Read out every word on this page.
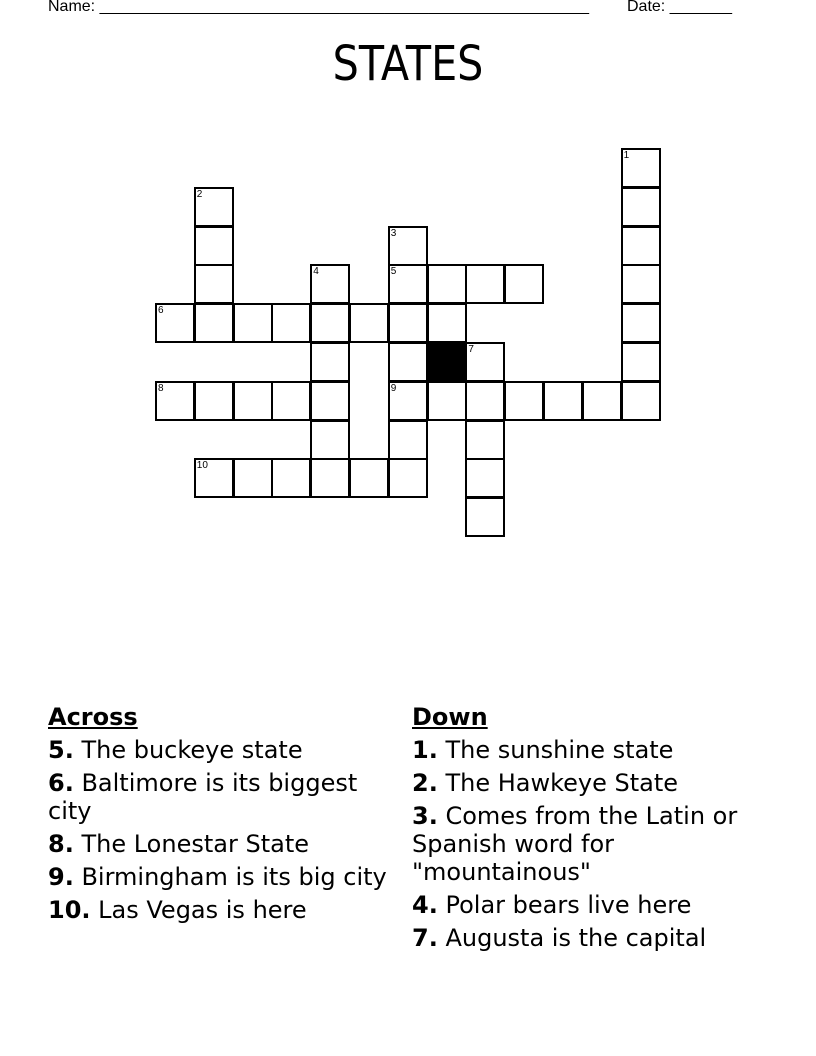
Name: _______________________________________________________

Date: _______

STATES
1
2
3
4	5
6
7
8	9
10
Across
5. The buckeye state
6. Baltimore is its biggest city
8. The Lonestar State
9. Birmingham is its big city
10. Las Vegas is here
Down
1. The sunshine state
2. The Hawkeye State
3. Comes from the Latin or Spanish word for "mountainous"
4. Polar bears live here
7. Augusta is the capital
